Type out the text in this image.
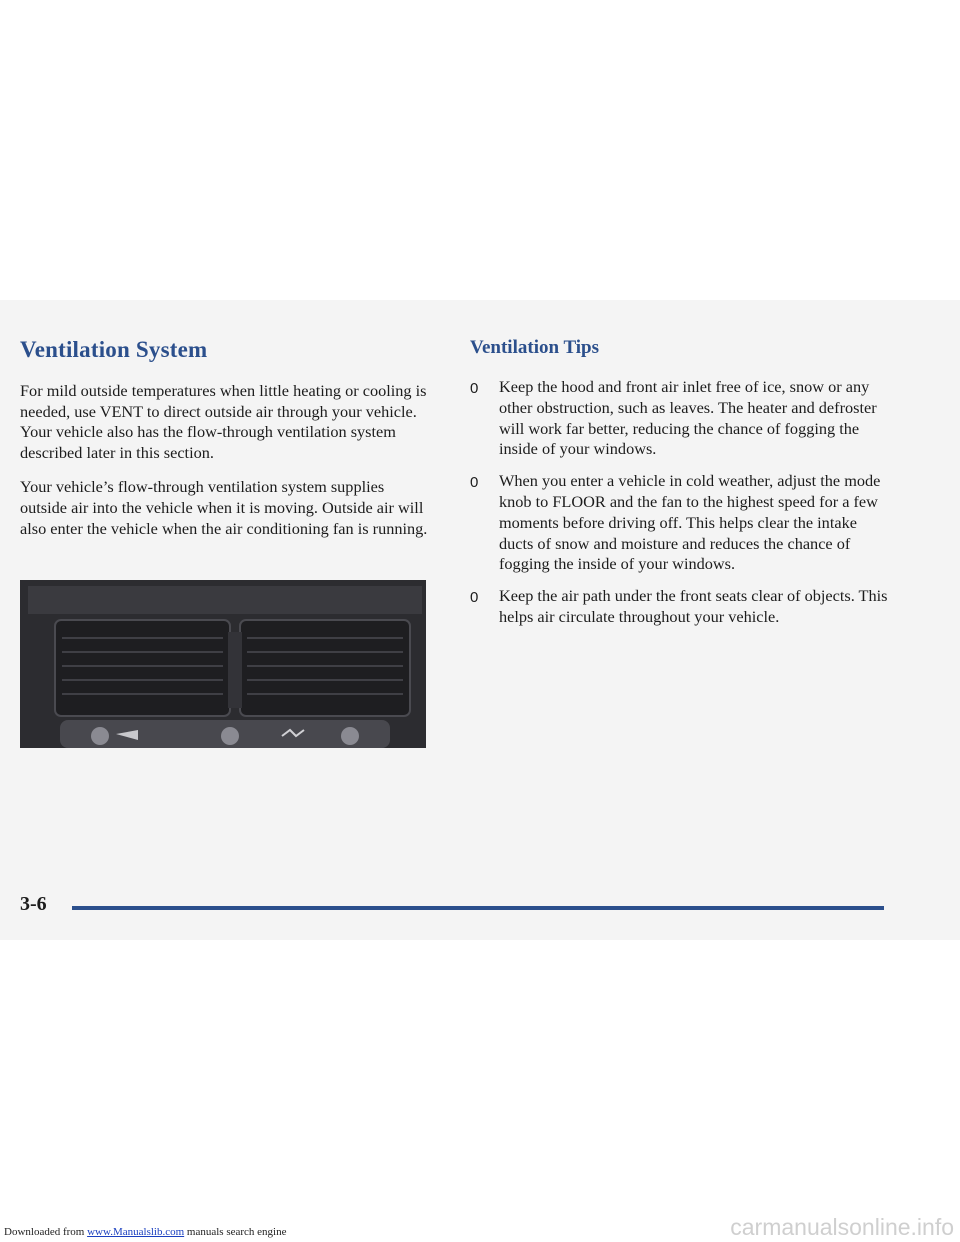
Ventilation System

For mild outside temperatures when little heating or cooling is needed, use VENT to direct outside air through your vehicle. Your vehicle also has the flow-through ventilation system described later in this section.

Your vehicle’s flow-through ventilation system supplies outside air into the vehicle when it is moving. Outside air will also enter the vehicle when the air conditioning fan is running.

Ventilation Tips
0	Keep the hood and front air inlet free of ice, snow or any other obstruction, such as leaves. The heater and defroster will work far better, reducing the chance of fogging the inside of your windows.
0	When you enter a vehicle in cold weather, adjust the mode knob to FLOOR and the fan to the highest speed for a few moments before driving off. This helps clear the intake ducts of snow and moisture and reduces the chance of fogging the inside of your windows.
0	Keep the air path under the front seats clear of objects. This helps air circulate throughout your vehicle.
3-6
Downloaded from www.Manualslib.com manuals search engine	carmanualsonline.info
